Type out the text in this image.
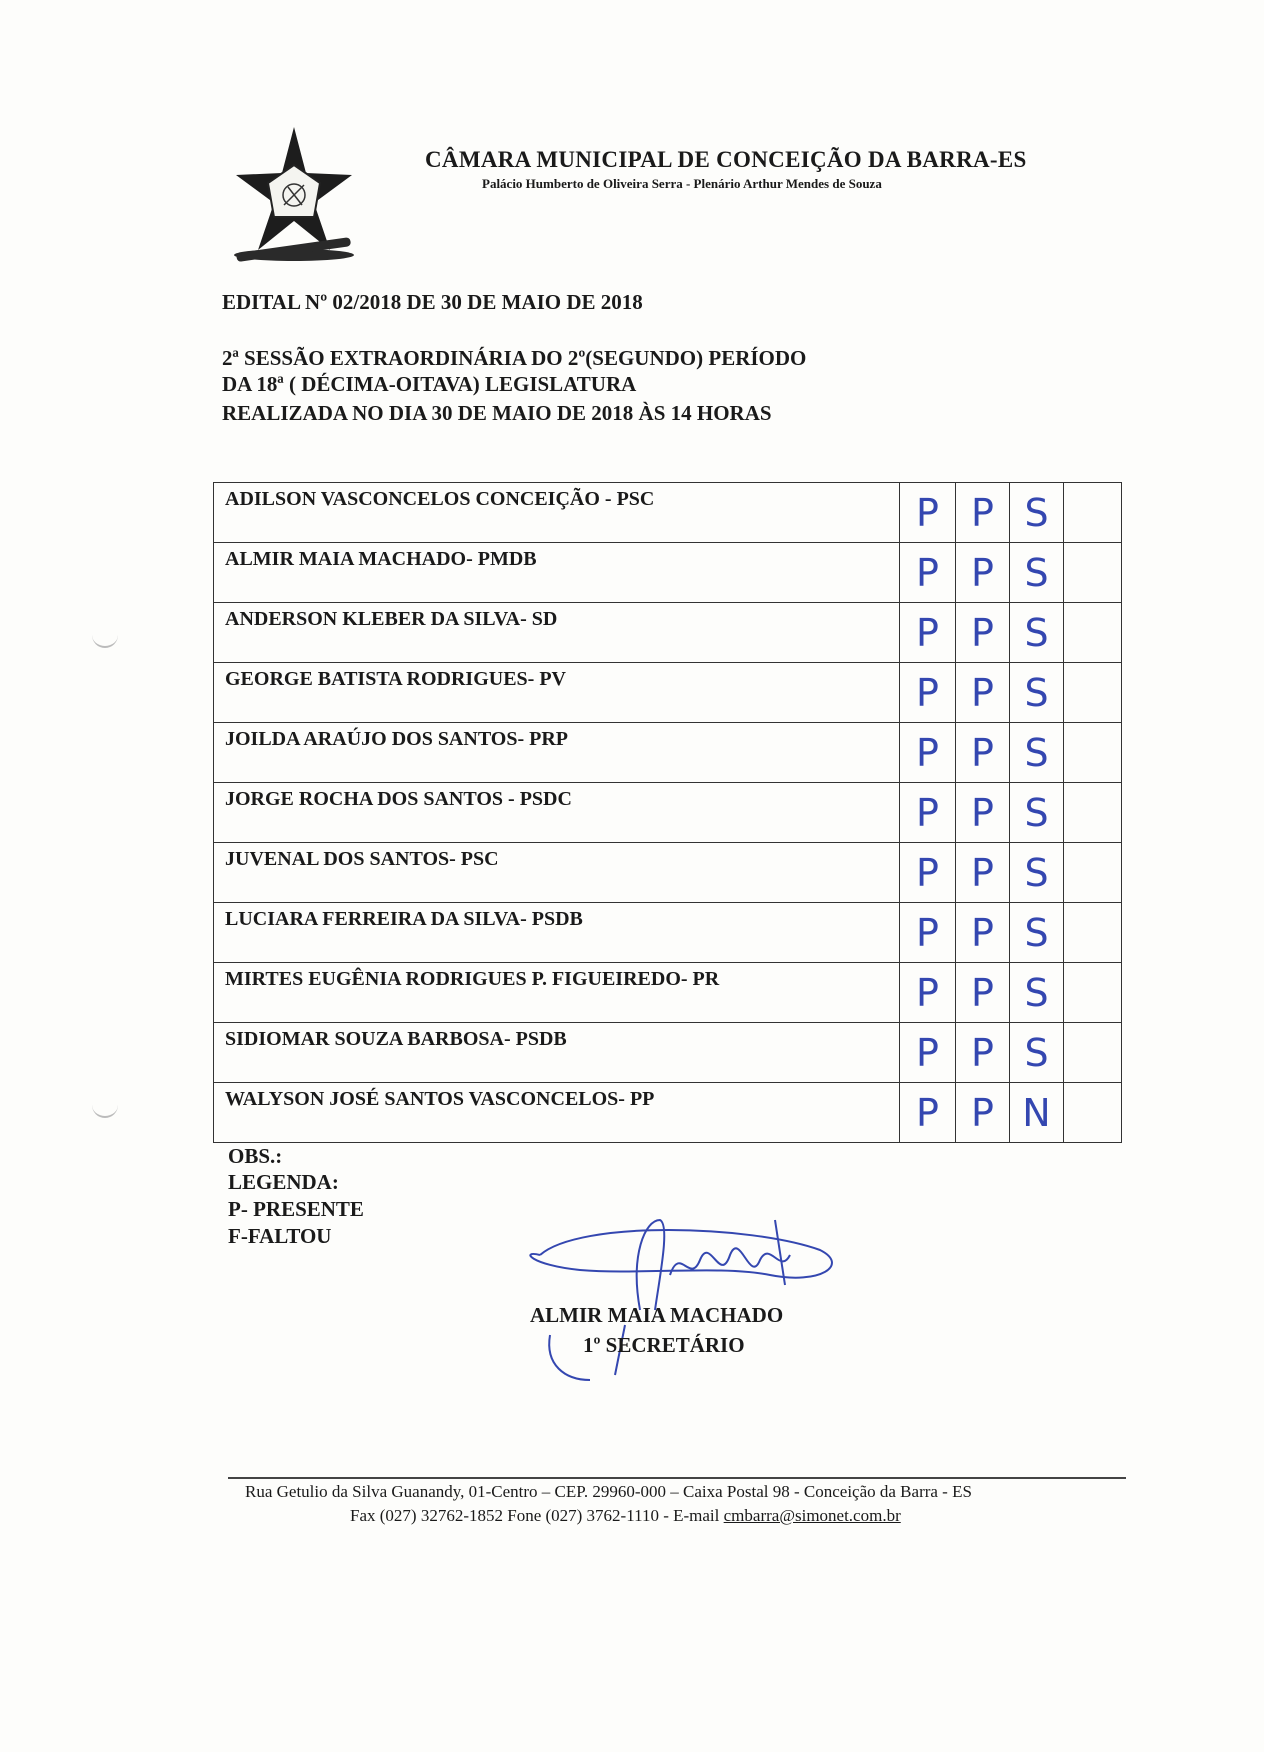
CÂMARA MUNICIPAL DE CONCEIÇÃO DA BARRA-ES
Palácio Humberto de Oliveira Serra - Plenário Arthur Mendes de Souza
EDITAL Nº 02/2018 DE 30 DE MAIO DE 2018
2ª SESSÃO EXTRAORDINÁRIA DO 2º(SEGUNDO) PERÍODO
DA 18ª ( DÉCIMA-OITAVA) LEGISLATURA
REALIZADA NO DIA 30 DE MAIO DE 2018 ÀS 14 HORAS
ADILSON VASCONCELOS CONCEIÇÃO - PSC	P	P	S	
ALMIR MAIA MACHADO- PMDB	P	P	S	
ANDERSON KLEBER DA SILVA- SD	P	P	S	
GEORGE BATISTA RODRIGUES- PV	P	P	S	
JOILDA ARAÚJO DOS SANTOS- PRP	P	P	S	
JORGE ROCHA DOS SANTOS - PSDC	P	P	S	
JUVENAL DOS SANTOS- PSC	P	P	S	
LUCIARA FERREIRA DA SILVA- PSDB	P	P	S	
MIRTES EUGÊNIA RODRIGUES P. FIGUEIREDO- PR	P	P	S	
SIDIOMAR SOUZA BARBOSA- PSDB	P	P	S	
WALYSON JOSÉ SANTOS VASCONCELOS- PP	P	P	N	
OBS.:
LEGENDA:
P- PRESENTE
F-FALTOU
ALMIR MAIA MACHADO
1º SECRETÁRIO
Rua Getulio da Silva Guanandy, 01-Centro – CEP. 29960-000 – Caixa Postal 98 - Conceição da Barra - ES
Fax (027) 32762-1852 Fone (027) 3762-1110 - E-mail cmbarra@simonet.com.br
